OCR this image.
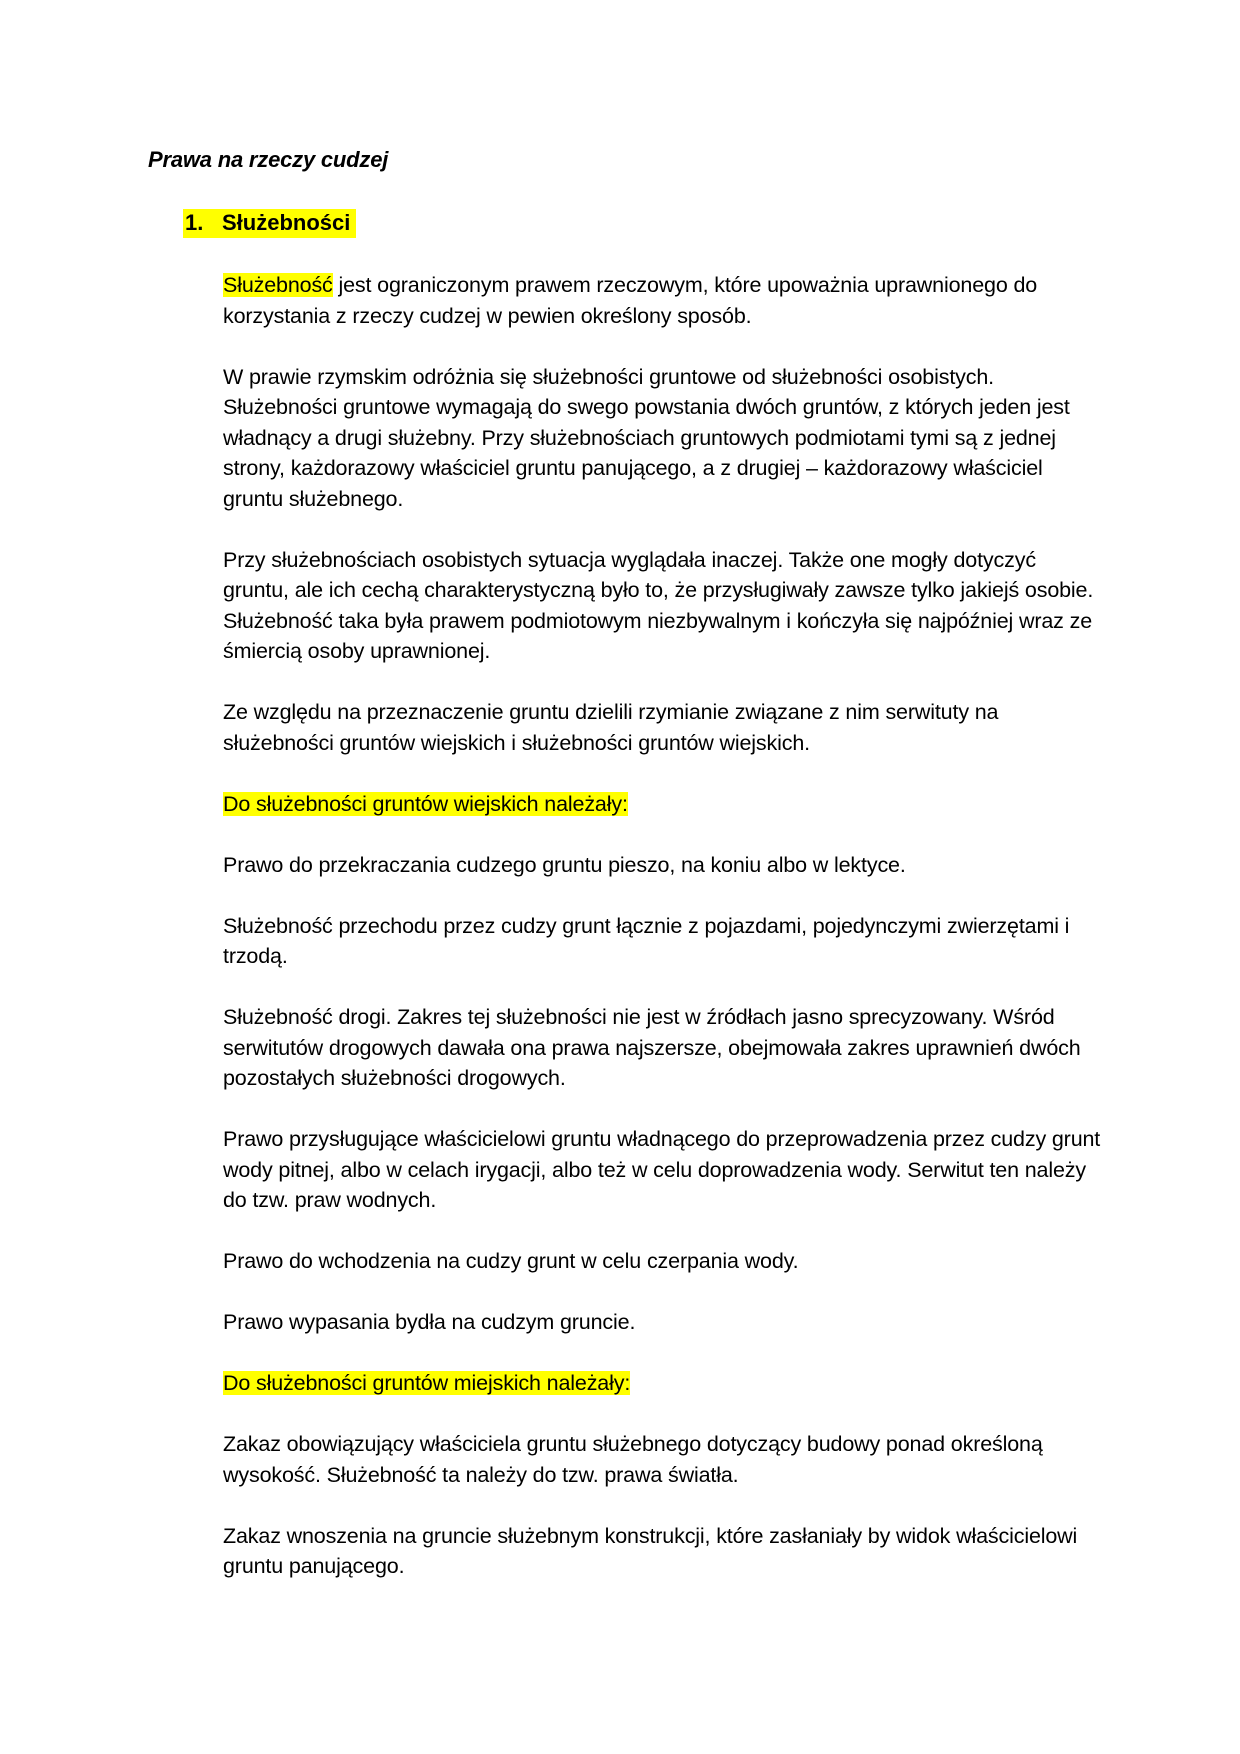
Prawa na rzeczy cudzej
1. Służebności

Służebność jest ograniczonym prawem rzeczowym, które upoważnia uprawnionego do korzystania z rzeczy cudzej w pewien określony sposób.

W prawie rzymskim odróżnia się służebności gruntowe od służebności osobistych. Służebności gruntowe wymagają do swego powstania dwóch gruntów, z których jeden jest władnący a drugi służebny. Przy służebnościach gruntowych podmiotami tymi są z jednej strony, każdorazowy właściciel gruntu panującego, a z drugiej – każdorazowy właściciel gruntu służebnego.

Przy służebnościach osobistych sytuacja wyglądała inaczej. Także one mogły dotyczyć gruntu, ale ich cechą charakterystyczną było to, że przysługiwały zawsze tylko jakiejś osobie. Służebność taka była prawem podmiotowym niezbywalnym i kończyła się najpóźniej wraz ze śmiercią osoby uprawnionej.

Ze względu na przeznaczenie gruntu dzielili rzymianie związane z nim serwituty na służebności gruntów wiejskich i służebności gruntów wiejskich.

Do służebności gruntów wiejskich należały:

Prawo do przekraczania cudzego gruntu pieszo, na koniu albo w lektyce.

Służebność przechodu przez cudzy grunt łącznie z pojazdami, pojedynczymi zwierzętami i trzodą.

Służebność drogi. Zakres tej służebności nie jest w źródłach jasno sprecyzowany. Wśród serwitutów drogowych dawała ona prawa najszersze, obejmowała zakres uprawnień dwóch pozostałych służebności drogowych.

Prawo przysługujące właścicielowi gruntu władnącego do przeprowadzenia przez cudzy grunt wody pitnej, albo w celach irygacji, albo też w celu doprowadzenia wody. Serwitut ten należy do tzw. praw wodnych.

Prawo do wchodzenia na cudzy grunt w celu czerpania wody.

Prawo wypasania bydła na cudzym gruncie.

Do służebności gruntów miejskich należały:

Zakaz obowiązujący właściciela gruntu służebnego dotyczący budowy ponad określoną wysokość. Służebność ta należy do tzw. prawa światła.

Zakaz wnoszenia na gruncie służebnym konstrukcji, które zasłaniały by widok właścicielowi gruntu panującego.
